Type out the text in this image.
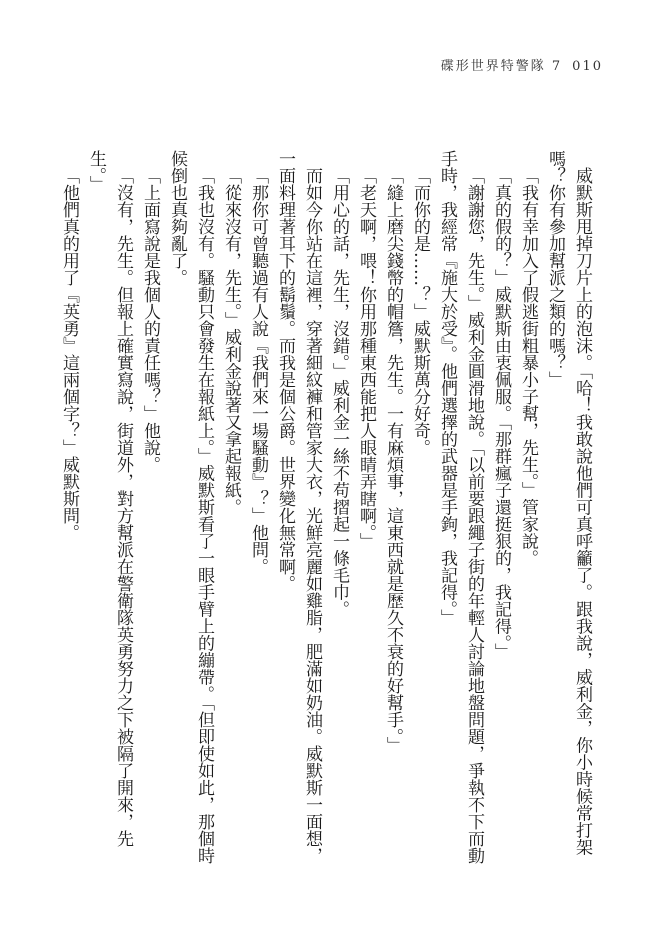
碟形世界特警隊 7 010

威默斯甩掉刀片上的泡沫。「哈！我敢說他們可真呼籲了。跟我說，威利金，你小時候常打架嗎？你有參加幫派之類的嗎？」

「我有幸加入了假逃街粗暴小子幫，先生。」管家說。

「真的假的？」威默斯由衷佩服。「那群瘋子還挺狠的，我記得。」

「謝謝您，先生。」威利金圓滑地說。「以前要跟繩子街的年輕人討論地盤問題，爭執不下而動手時，我經常『施大於受』。他們選擇的武器是手鉤，我記得。」

「而你的是……？」威默斯萬分好奇。

「縫上磨尖錢幣的帽簷，先生。一有麻煩事，這東西就是歷久不衰的好幫手。」

「老天啊，喂！你用那種東西能把人眼睛弄瞎啊。」

「用心的話，先生，沒錯。」威利金一絲不苟摺起一條毛巾。

而如今你站在這裡，穿著細紋褲和管家大衣，光鮮亮麗如雞脂，肥滿如奶油。威默斯一面想，一面料理著耳下的鬍鬚。而我是個公爵。世界變化無常啊。

「那你可曾聽過有人說『我們來一場騷動』？」他問。

「從來沒有，先生。」威利金說著又拿起報紙。

「我也沒有。騷動只會發生在報紙上。」威默斯看了一眼手臂上的繃帶。「但即使如此，那個時候倒也真夠亂了。

「上面寫說是我個人的責任嗎？」他說。

「沒有，先生。但報上確實寫說，街道外，對方幫派在警衛隊英勇努力之下被隔了開來，先生。」

「他們真的用了『英勇』這兩個字？」威默斯問。
